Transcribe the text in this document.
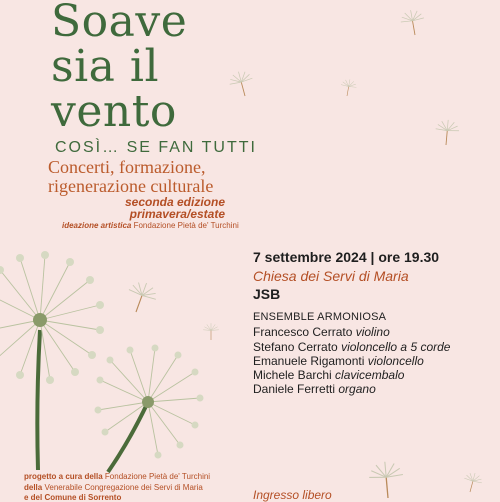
Soave
sia il
vento
COSÌ… SE FAN TUTTI
Concerti, formazione,
rigenerazione culturale
seconda edizione
primavera/estate
ideazione artistica Fondazione Pietà de' Turchini
7 settembre 2024 | ore 19.30
Chiesa dei Servi di Maria
JSB
ENSEMBLE ARMONIOSA
Francesco Cerrato violino
Stefano Cerrato violoncello a 5 corde
Emanuele Rigamonti violoncello
Michele Barchi clavicembalo
Daniele Ferretti organo
progetto a cura della Fondazione Pietà de' Turchini
della Venerabile Congregazione dei Servi di Maria
e del Comune di Sorrento	Ingresso libero
